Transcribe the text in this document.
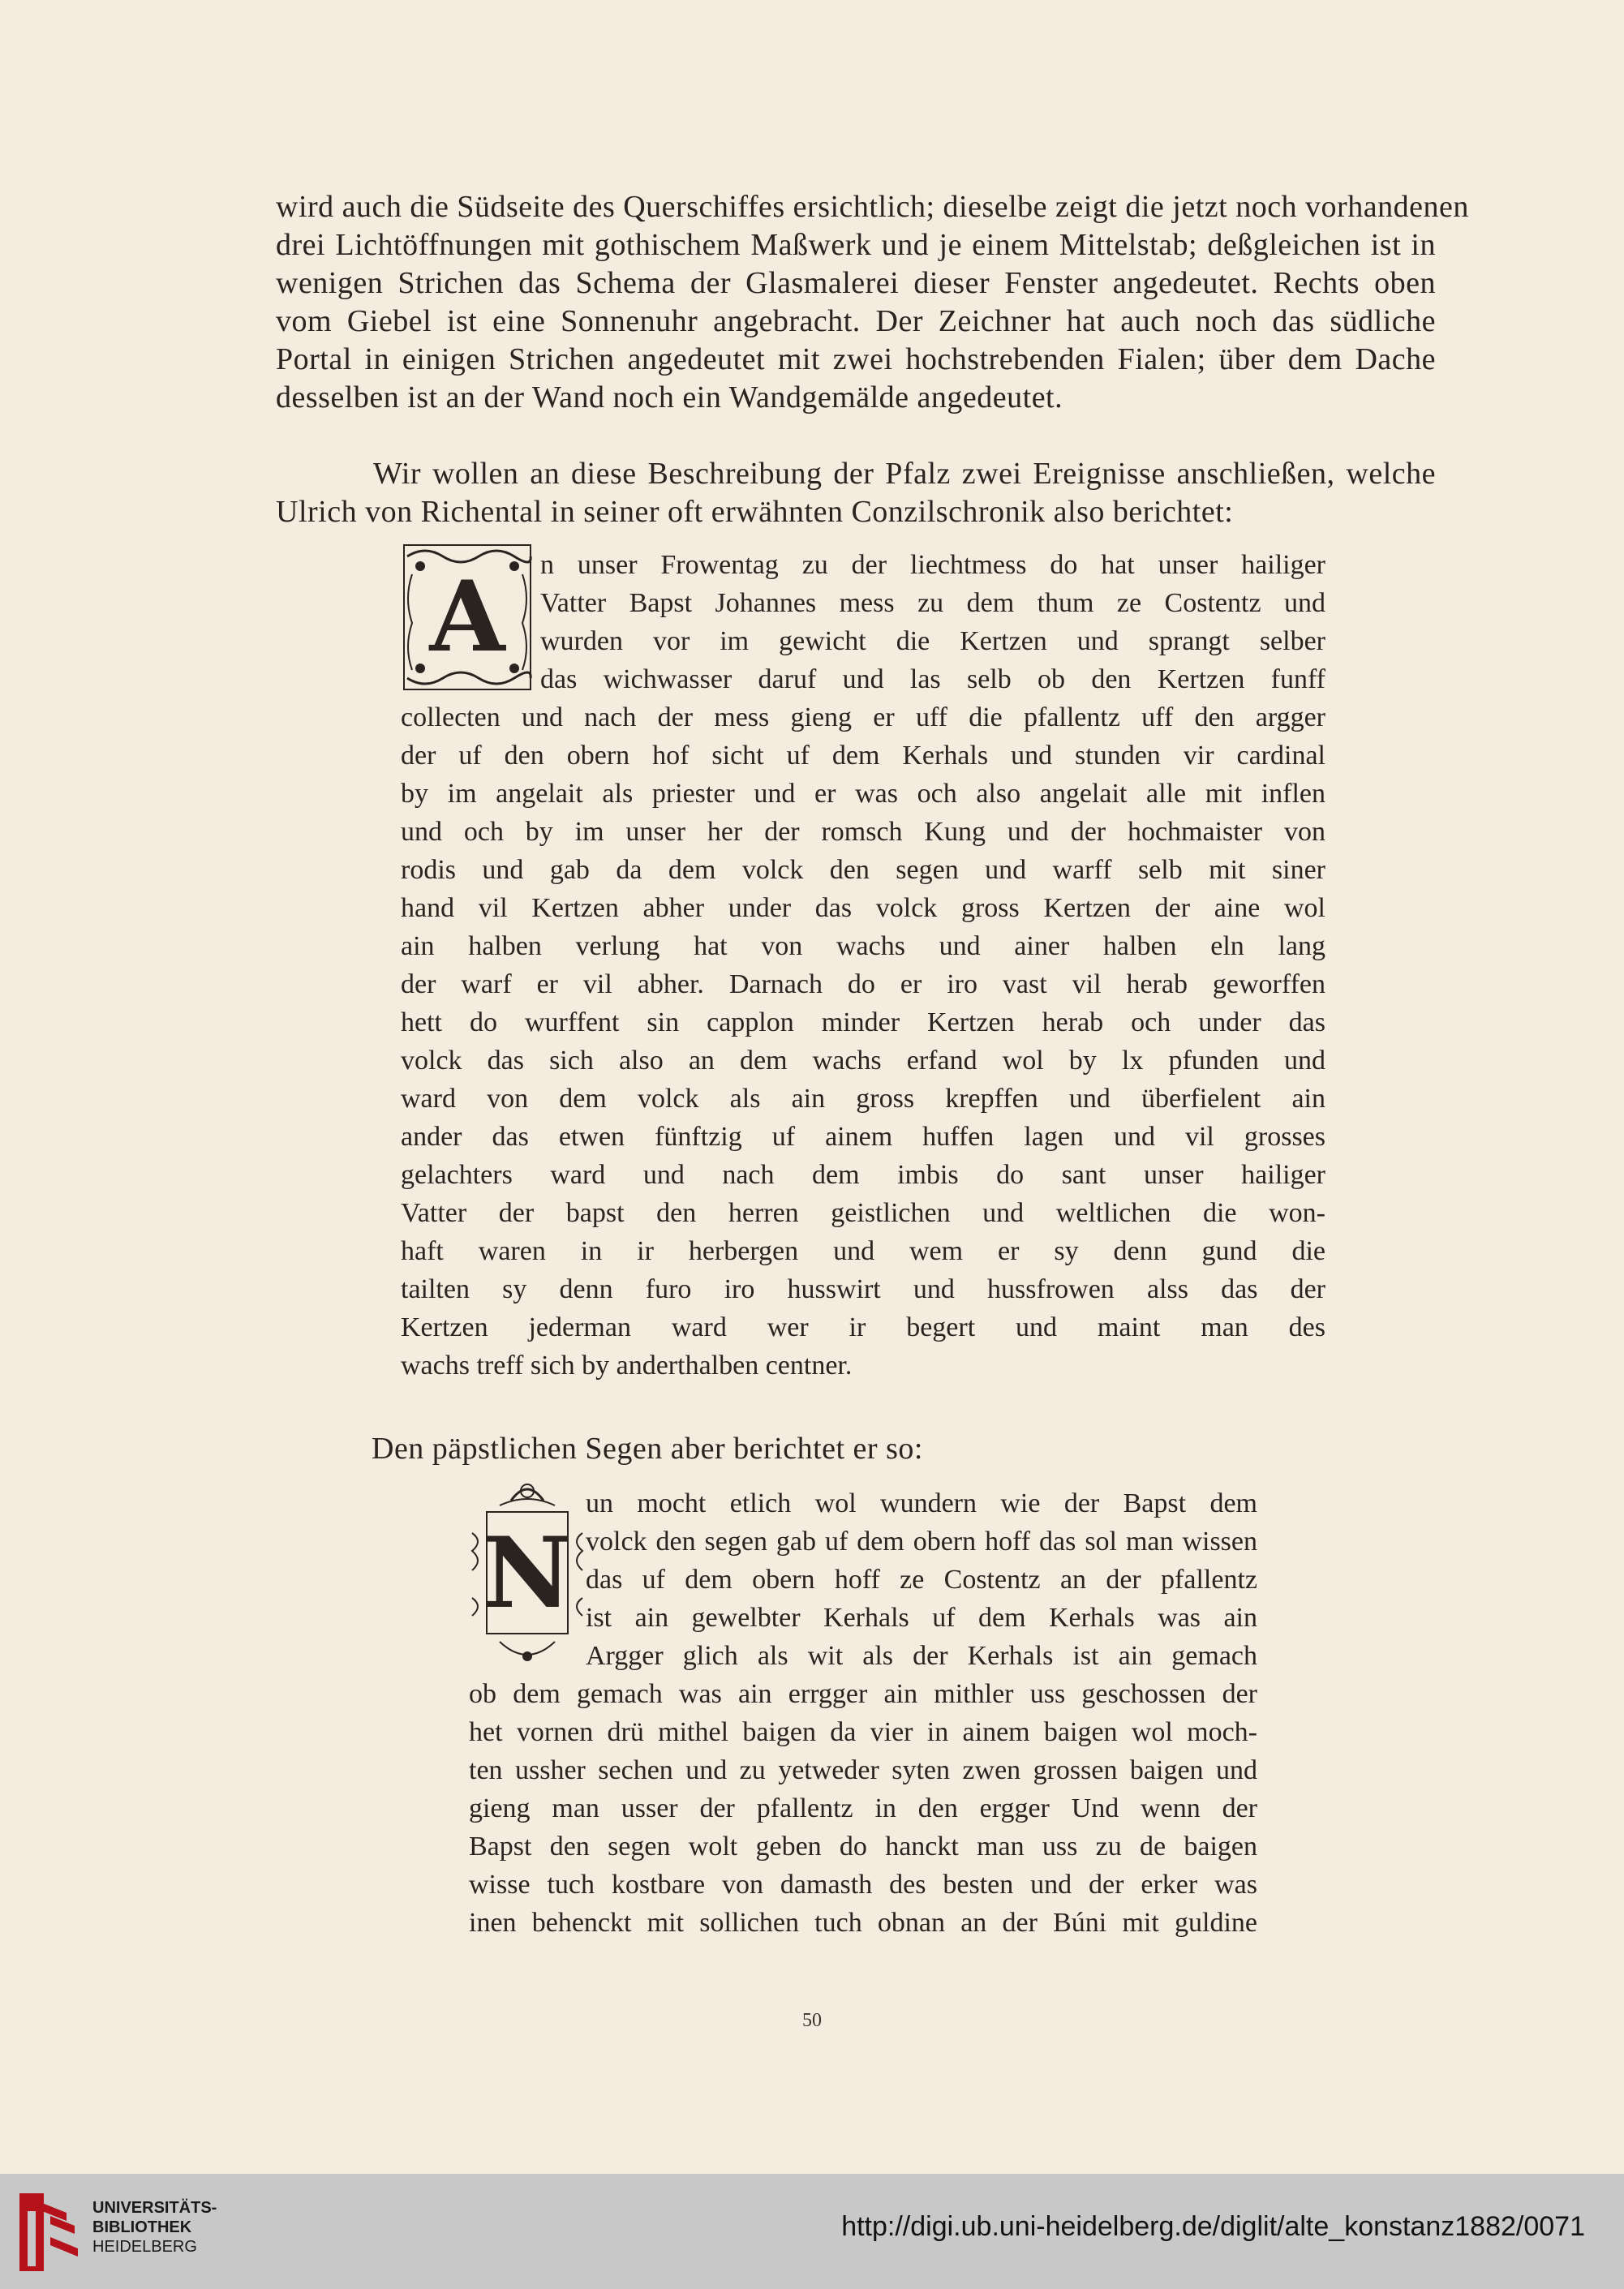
wird auch die Südseite des Querschiffes ersichtlich; dieselbe zeigt die jetzt noch vorhandenen
drei Lichtöffnungen mit gothischem Maßwerk und je einem Mittelstab; deßgleichen ist in
wenigen Strichen das Schema der Glasmalerei dieser Fenster angedeutet. Rechts oben
vom Giebel ist eine Sonnenuhr angebracht. Der Zeichner hat auch noch das südliche
Portal in einigen Strichen angedeutet mit zwei hochstrebenden Fialen; über dem Dache
desselben ist an der Wand noch ein Wandgemälde angedeutet.
Wir wollen an diese Beschreibung der Pfalz zwei Ereignisse anschließen, welche
Ulrich von Richental in seiner oft erwähnten Conzilschronik also berichtet:
A	n unser Frowentag zu der liechtmess do hat unser hailiger
Vatter Bapst Johannes mess zu dem thum ze Costentz und
wurden vor im gewicht die Kertzen und sprangt selber
das wichwasser daruf und las selb ob den Kertzen funff
collecten und nach der mess gieng er uff die pfallentz uff den argger
der uf den obern hof sicht uf dem Kerhals und stunden vir cardinal
by im angelait als priester und er was och also angelait alle mit inflen
und och by im unser her der romsch Kung und der hochmaister von
rodis und gab da dem volck den segen und warff selb mit siner
hand vil Kertzen abher under das volck gross Kertzen der aine wol
ain halben verlung hat von wachs und ainer halben eln lang
der warf er vil abher. Darnach do er iro vast vil herab geworffen
hett do wurffent sin capplon minder Kertzen herab och under das
volck das sich also an dem wachs erfand wol by lx pfunden und
ward von dem volck als ain gross krepffen und überfielent ain
ander das etwen fünftzig uf ainem huffen lagen und vil grosses
gelachters ward und nach dem imbis do sant unser hailiger
Vatter der bapst den herren geistlichen und weltlichen die won-
haft waren in ir herbergen und wem er sy denn gund die
tailten sy denn furo iro husswirt und hussfrowen alss das der
Kertzen jederman ward wer ir begert und maint man des
wachs treff sich by anderthalben centner.
Den päpstlichen Segen aber berichtet er so:
N
un mocht etlich wol wundern wie der Bapst dem
volck den segen gab uf dem obern hoff das sol man wissen
das uf dem obern hoff ze Costentz an der pfallentz
ist ain gewelbter Kerhals uf dem Kerhals was ain
Argger glich als wit als der Kerhals ist ain gemach
ob dem gemach was ain errgger ain mithler uss geschossen der
het vornen drü mithel baigen da vier in ainem baigen wol moch-
ten ussher sechen und zu yetweder syten zwen grossen baigen und
gieng man usser der pfallentz in den ergger Und wenn der
Bapst den segen wolt geben do hanckt man uss zu de baigen
wisse tuch kostbare von damasth des besten und der erker was
inen behenckt mit sollichen tuch obnan an der Búni mit guldine
50
UNIVERSITÄTS-
BIBLIOTHEK
HEIDELBERG
http://digi.ub.uni-heidelberg.de/diglit/alte_konstanz1882/0071
